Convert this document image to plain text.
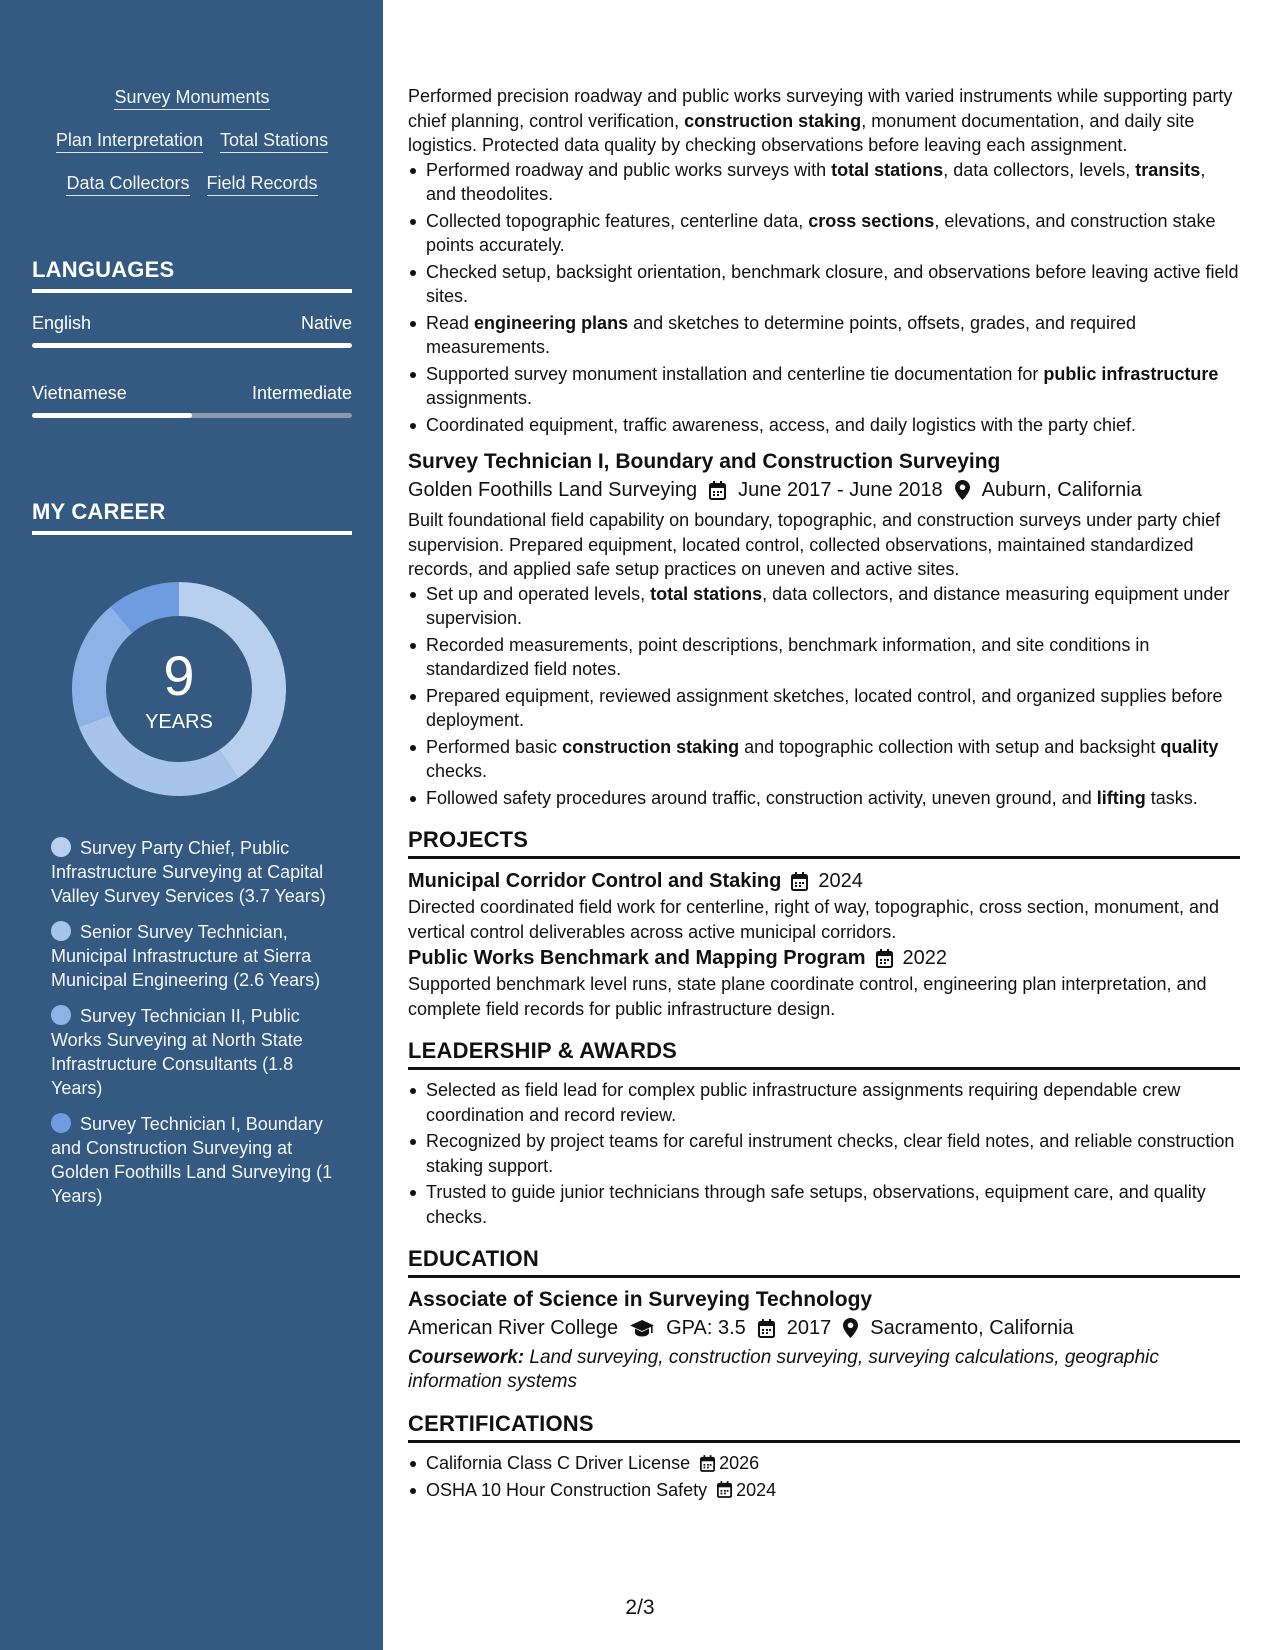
Survey Monuments
Plan Interpretation Total Stations
Data Collectors Field Records
LANGUAGES
English	Native
Vietnamese	Intermediate
MY CAREER
9
YEARS
Survey Party Chief, Public Infrastructure Surveying at Capital Valley Survey Services (3.7 Years)
Senior Survey Technician, Municipal Infrastructure at Sierra Municipal Engineering (2.6 Years)
Survey Technician II, Public Works Surveying at North State Infrastructure Consultants (1.8 Years)
Survey Technician I, Boundary and Construction Surveying at Golden Foothills Land Surveying (1 Years)

Performed precision roadway and public works surveying with varied instruments while supporting party chief planning, control verification, construction staking, monument documentation, and daily site logistics. Protected data quality by checking observations before leaving each assignment.

Performed roadway and public works surveys with total stations, data collectors, levels, transits, and theodolites.
Collected topographic features, centerline data, cross sections, elevations, and construction stake points accurately.
Checked setup, backsight orientation, benchmark closure, and observations before leaving active field sites.
Read engineering plans and sketches to determine points, offsets, grades, and required measurements.
Supported survey monument installation and centerline tie documentation for public infrastructure assignments.
Coordinated equipment, traffic awareness, access, and daily logistics with the party chief.
Survey Technician I, Boundary and Construction Surveying
Golden Foothills Land Surveying June 2017 - June 2018 Auburn, California

Built foundational field capability on boundary, topographic, and construction surveys under party chief supervision. Prepared equipment, located control, collected observations, maintained standardized records, and applied safe setup practices on uneven and active sites.

Set up and operated levels, total stations, data collectors, and distance measuring equipment under supervision.
Recorded measurements, point descriptions, benchmark information, and site conditions in standardized field notes.
Prepared equipment, reviewed assignment sketches, located control, and organized supplies before deployment.
Performed basic construction staking and topographic collection with setup and backsight quality checks.
Followed safety procedures around traffic, construction activity, uneven ground, and lifting tasks.
PROJECTS
Municipal Corridor Control and Staking 2024

Directed coordinated field work for centerline, right of way, topographic, cross section, monument, and vertical control deliverables across active municipal corridors.

Public Works Benchmark and Mapping Program 2022

Supported benchmark level runs, state plane coordinate control, engineering plan interpretation, and complete field records for public infrastructure design.

LEADERSHIP & AWARDS
Selected as field lead for complex public infrastructure assignments requiring dependable crew coordination and record review.
Recognized by project teams for careful instrument checks, clear field notes, and reliable construction staking support.
Trusted to guide junior technicians through safe setups, observations, equipment care, and quality checks.
EDUCATION
Associate of Science in Surveying Technology
American River College GPA: 3.5 2017 Sacramento, California

Coursework: Land surveying, construction surveying, surveying calculations, geographic information systems

CERTIFICATIONS
California Class C Driver License 2026
OSHA 10 Hour Construction Safety 2024
2/3
